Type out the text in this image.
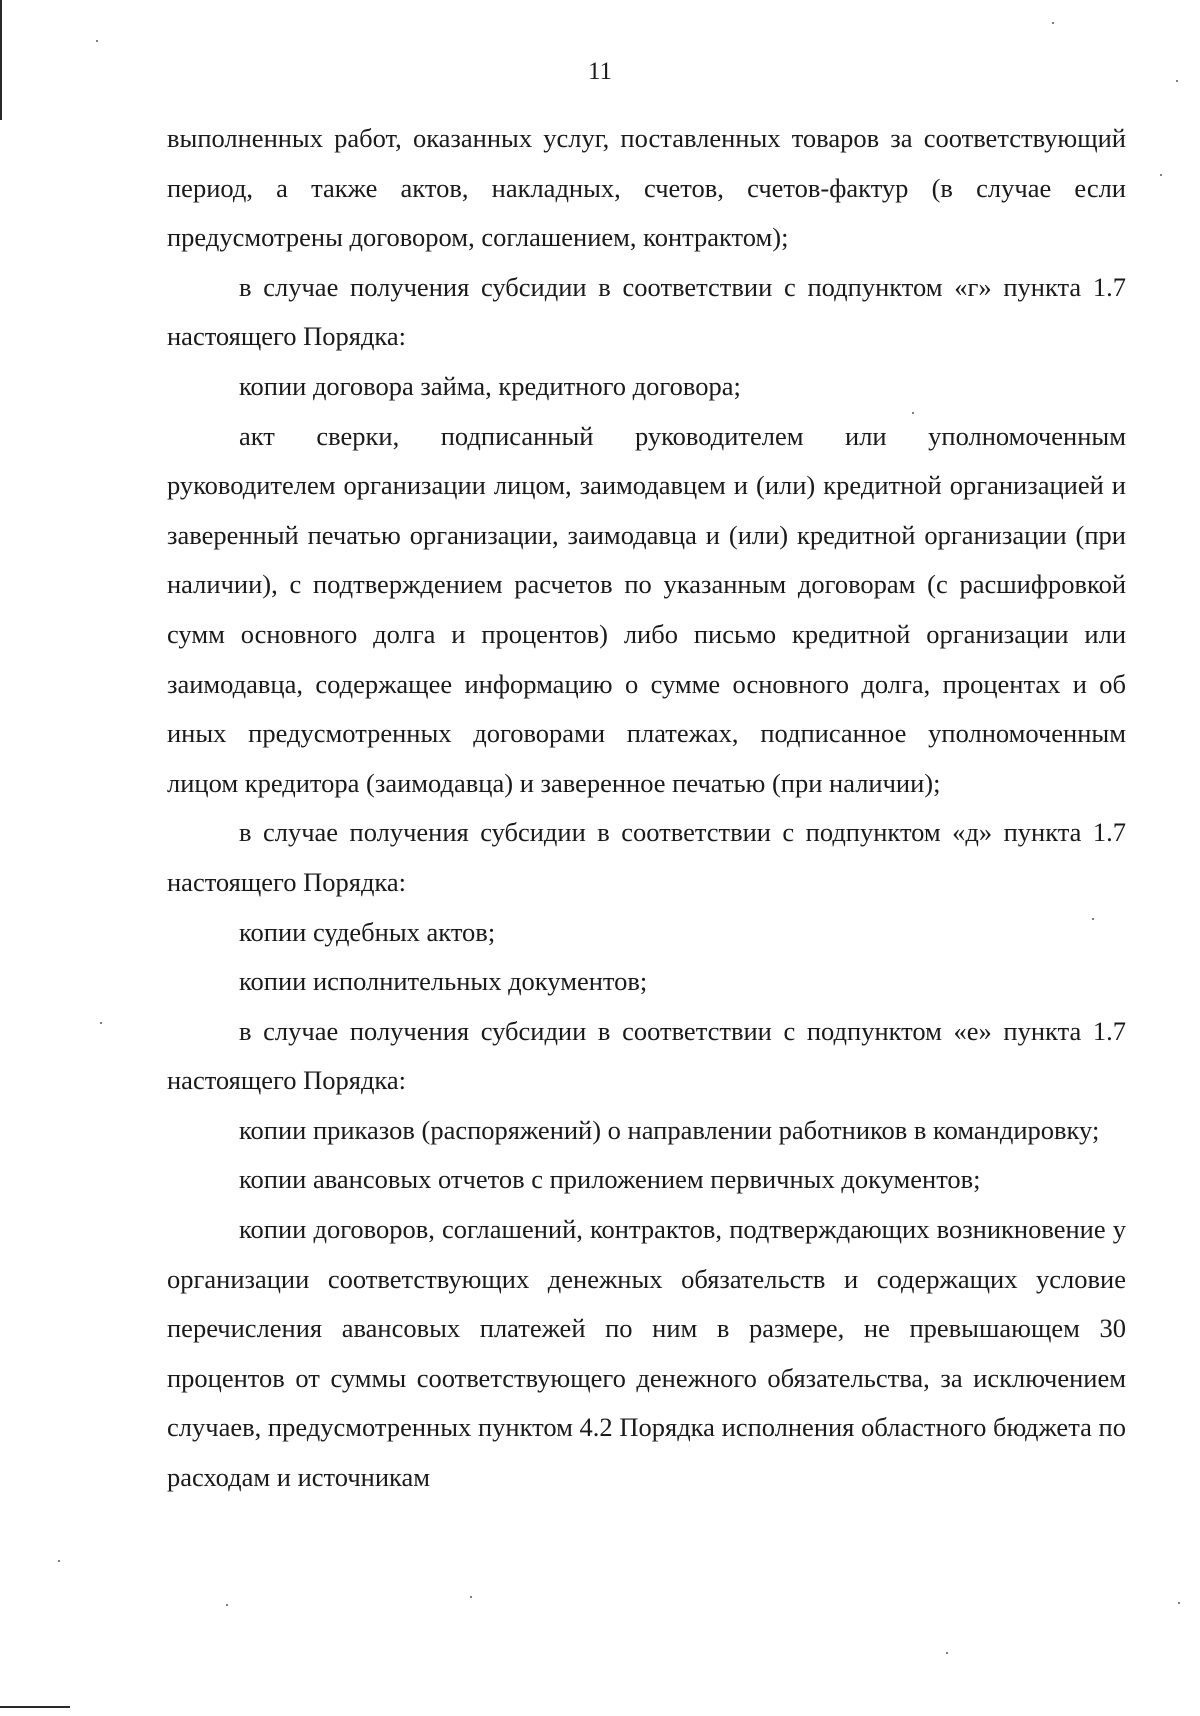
11

выполненных работ, оказанных услуг, поставленных товаров за соответствующий период, а также актов, накладных, счетов, счетов-фактур (в случае если предусмотрены договором, соглашением, контрактом);

в случае получения субсидии в соответствии с подпунктом «г» пункта 1.7 настоящего Порядка:

копии договора займа, кредитного договора;

акт сверки, подписанный руководителем или уполномоченным руководителем организации лицом, заимодавцем и (или) кредитной организацией и заверенный печатью организации, заимодавца и (или) кредитной организации (при наличии), с подтверждением расчетов по указанным договорам (с расшифровкой сумм основного долга и процентов) либо письмо кредитной организации или заимодавца, содержащее информацию о сумме основного долга, процентах и об иных предусмотренных договорами платежах, подписанное уполномоченным лицом кредитора (заимодавца) и заверенное печатью (при наличии);

в случае получения субсидии в соответствии с подпунктом «д» пункта 1.7 настоящего Порядка:

копии судебных актов;

копии исполнительных документов;

в случае получения субсидии в соответствии с подпунктом «е» пункта 1.7 настоящего Порядка:

копии приказов (распоряжений) о направлении работников в командировку;

копии авансовых отчетов с приложением первичных документов;

копии договоров, соглашений, контрактов, подтверждающих возникновение у организации соответствующих денежных обязательств и содержащих условие перечисления авансовых платежей по ним в размере, не превышающем 30 процентов от суммы соответствующего денежного обязательства, за исключением случаев, предусмотренных пунктом 4.2 Порядка исполнения областного бюджета по расходам и источникам
